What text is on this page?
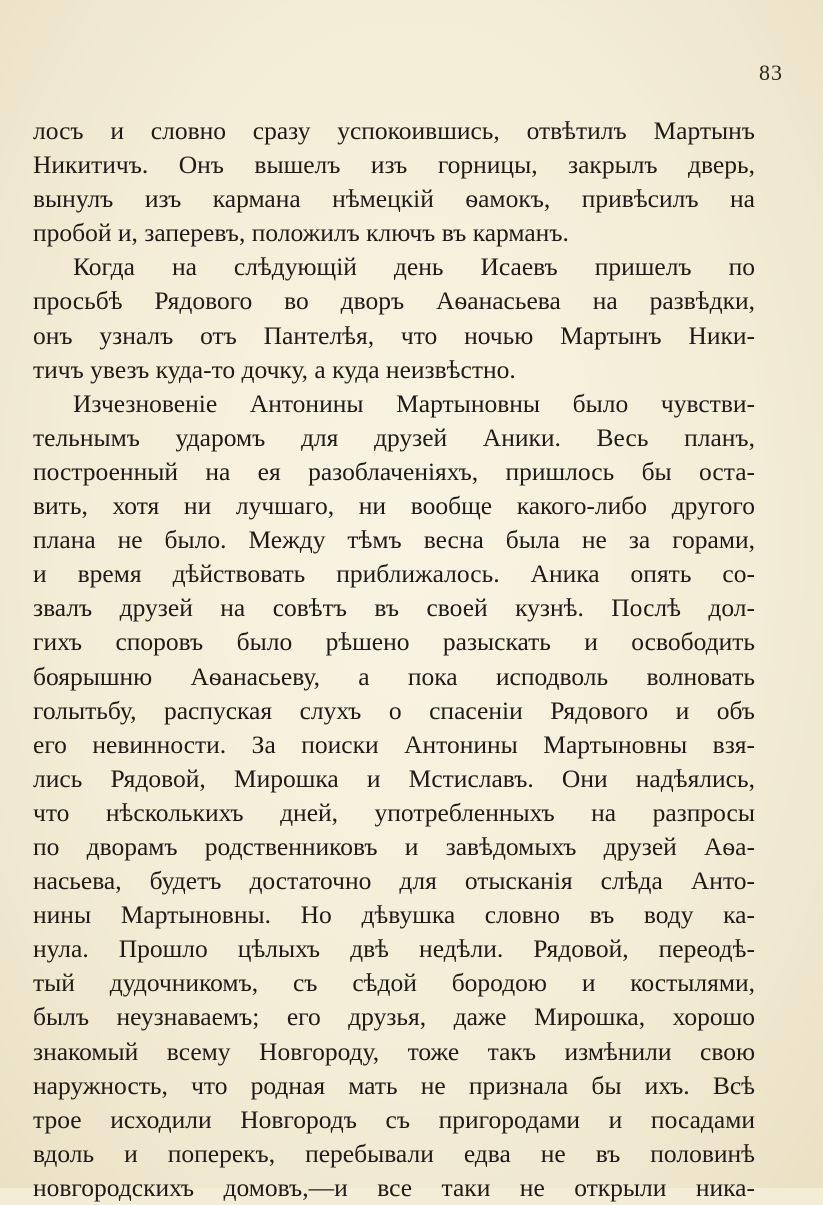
83
лосъ и словно сразу успокоившись, отвѣтилъ Мартынъ
Никитичъ. Онъ вышелъ изъ горницы, закрылъ дверь,
вынулъ изъ кармана нѣмецкій ѳамокъ, привѣсилъ на
пробой и, заперевъ, положилъ ключъ въ карманъ.
Когда на слѣдующій день Исаевъ пришелъ по
просьбѣ Рядового во дворъ Аѳанасьева на развѣдки,
онъ узналъ отъ Пантелѣя, что ночью Мартынъ Ники-
тичъ увезъ куда-то дочку, а куда неизвѣстно.
Изчезновеніе Антонины Мартыновны было чувстви-
тельнымъ ударомъ для друзей Аники. Весь планъ,
построенный на ея разоблаченіяхъ, пришлось бы оста-
вить, хотя ни лучшаго, ни вообще какого-либо другого
плана не было. Между тѣмъ весна была не за горами,
и время дѣйствовать приближалось. Аника опять со-
звалъ друзей на совѣтъ въ своей кузнѣ. Послѣ дол-
гихъ споровъ было рѣшено разыскать и освободить
боярышню Аѳанасьеву, а пока исподволь волновать
голытьбу, распуская слухъ о спасеніи Рядового и объ
его невинности. За поиски Антонины Мартыновны взя-
лись Рядовой, Мирошка и Мстиславъ. Они надѣялись,
что нѣсколькихъ дней, употребленныхъ на разпросы
по дворамъ родственниковъ и завѣдомыхъ друзей Аѳа-
насьева, будетъ достаточно для отысканія слѣда Анто-
нины Мартыновны. Но дѣвушка словно въ воду ка-
нула. Прошло цѣлыхъ двѣ недѣли. Рядовой, переодѣ-
тый дудочникомъ, съ сѣдой бородою и костылями,
былъ неузнаваемъ; его друзья, даже Мирошка, хорошо
знакомый всему Новгороду, тоже такъ измѣнили свою
наружность, что родная мать не признала бы ихъ. Всѣ
трое исходили Новгородъ съ пригородами и посадами
вдоль и поперекъ, перебывали едва не въ половинѣ
новгородскихъ домовъ,—и все таки не открыли ника-
